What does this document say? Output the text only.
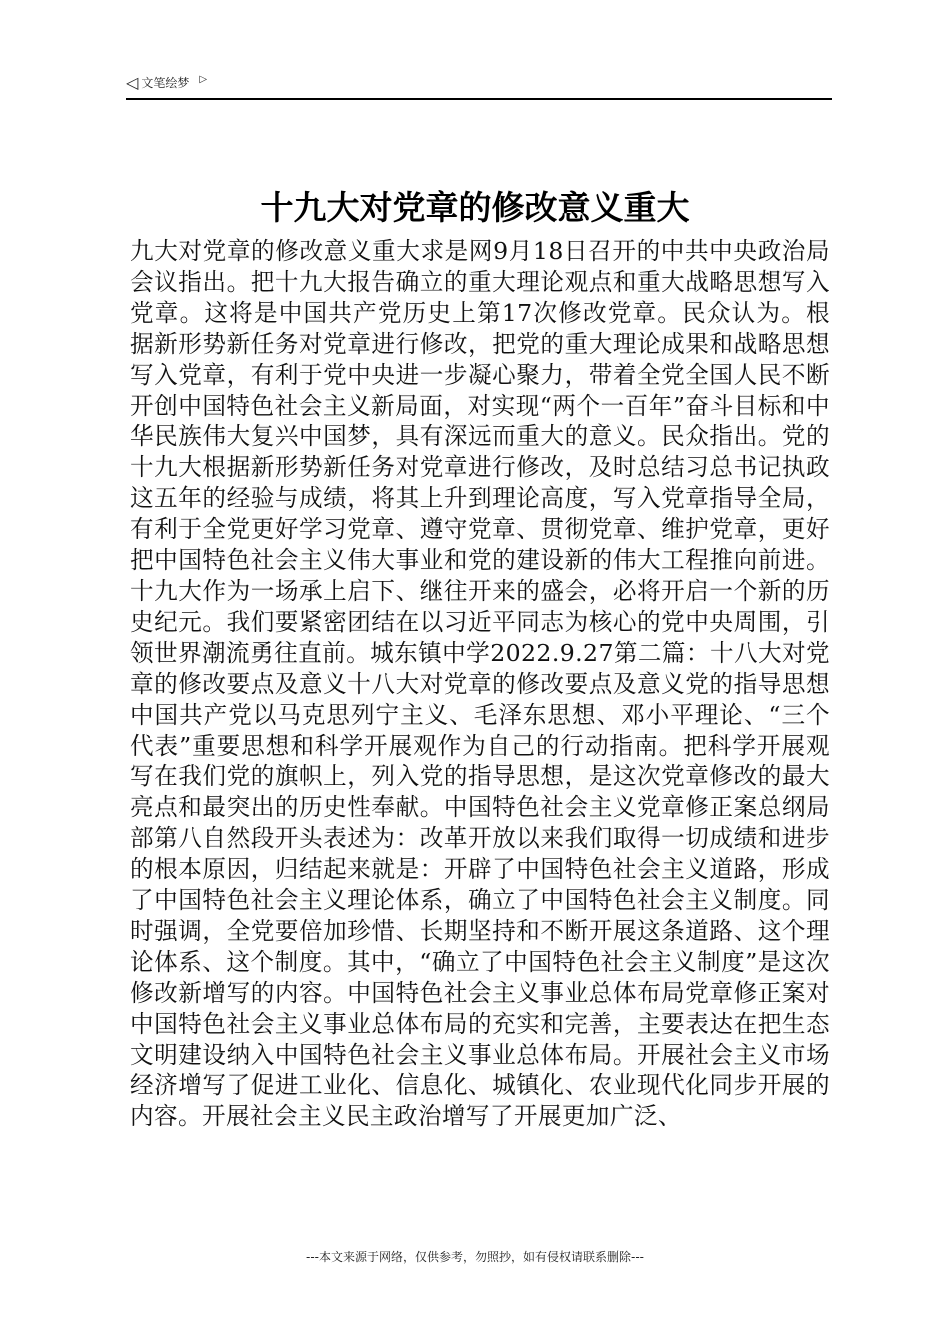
◁ 文笔绘梦 ▷
十九大对党章的修改意义重大

九大对党章的修改意义重大求是网9月18日召开的中共中央政治局会议指出。把十九大报告确立的重大理论观点和重大战略思想写入党章。这将是中国共产党历史上第17次修改党章。民众认为。根据新形势新任务对党章进行修改，把党的重大理论成果和战略思想写入党章，有利于党中央进一步凝心聚力，带着全党全国人民不断开创中国特色社会主义新局面，对实现“两个一百年”奋斗目标和中华民族伟大复兴中国梦，具有深远而重大的意义。民众指出。党的十九大根据新形势新任务对党章进行修改，及时总结习总书记执政这五年的经验与成绩，将其上升到理论高度，写入党章指导全局，有利于全党更好学习党章、遵守党章、贯彻党章、维护党章，更好把中国特色社会主义伟大事业和党的建设新的伟大工程推向前进。十九大作为一场承上启下、继往开来的盛会，必将开启一个新的历史纪元。我们要紧密团结在以习近平同志为核心的党中央周围，引领世界潮流勇往直前。城东镇中学2022.9.27第二篇：十八大对党章的修改要点及意义十八大对党章的修改要点及意义党的指导思想中国共产党以马克思列宁主义、毛泽东思想、邓小平理论、“三个代表”重要思想和科学开展观作为自己的行动指南。把科学开展观写在我们党的旗帜上，列入党的指导思想，是这次党章修改的最大亮点和最突出的历史性奉献。中国特色社会主义党章修正案总纲局部第八自然段开头表述为：改革开放以来我们取得一切成绩和进步的根本原因，归结起来就是：开辟了中国特色社会主义道路，形成了中国特色社会主义理论体系，确立了中国特色社会主义制度。同时强调，全党要倍加珍惜、长期坚持和不断开展这条道路、这个理论体系、这个制度。其中，“确立了中国特色社会主义制度”是这次修改新增写的内容。中国特色社会主义事业总体布局党章修正案对中国特色社会主义事业总体布局的充实和完善，主要表达在把生态文明建设纳入中国特色社会主义事业总体布局。开展社会主义市场经济增写了促进工业化、信息化、城镇化、农业现代化同步开展的内容。开展社会主义民主政治增写了开展更加广泛、

---本文来源于网络，仅供参考，勿照抄，如有侵权请联系删除---
